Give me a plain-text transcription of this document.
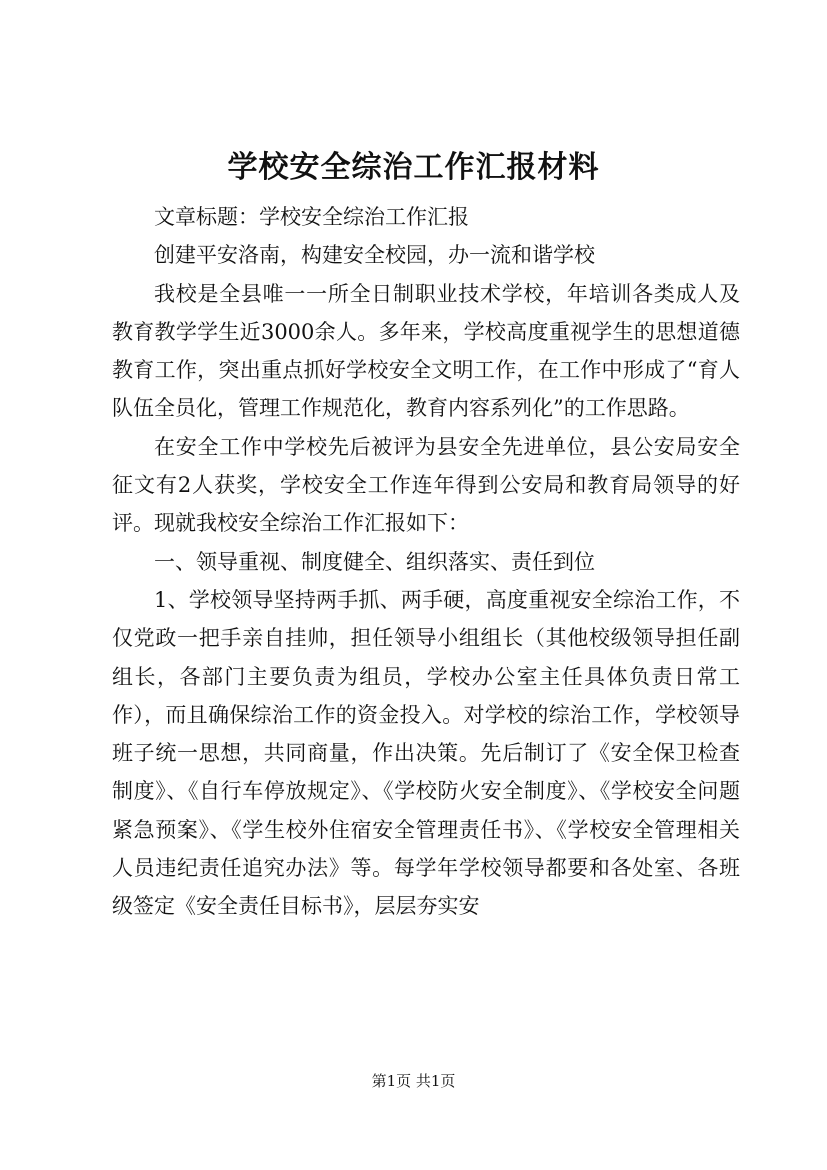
学校安全综治工作汇报材料

文章标题：学校安全综治工作汇报

创建平安洛南，构建安全校园，办一流和谐学校

我校是全县唯一一所全日制职业技术学校，年培训各类成人及教育教学学生近3000余人。多年来，学校高度重视学生的思想道德教育工作，突出重点抓好学校安全文明工作，在工作中形成了“育人队伍全员化，管理工作规范化，教育内容系列化”的工作思路。

在安全工作中学校先后被评为县安全先进单位，县公安局安全征文有2人获奖，学校安全工作连年得到公安局和教育局领导的好评。现就我校安全综治工作汇报如下：

一、领导重视、制度健全、组织落实、责任到位

1、学校领导坚持两手抓、两手硬，高度重视安全综治工作，不仅党政一把手亲自挂帅，担任领导小组组长（其他校级领导担任副组长，各部门主要负责为组员，学校办公室主任具体负责日常工作），而且确保综治工作的资金投入。对学校的综治工作，学校领导班子统一思想，共同商量，作出决策。先后制订了《安全保卫检查制度》、《自行车停放规定》、《学校防火安全制度》、《学校安全问题紧急预案》、《学生校外住宿安全管理责任书》、《学校安全管理相关人员违纪责任追究办法》等。每学年学校领导都要和各处室、各班级签定《安全责任目标书》，层层夯实安

第1页 共1页
